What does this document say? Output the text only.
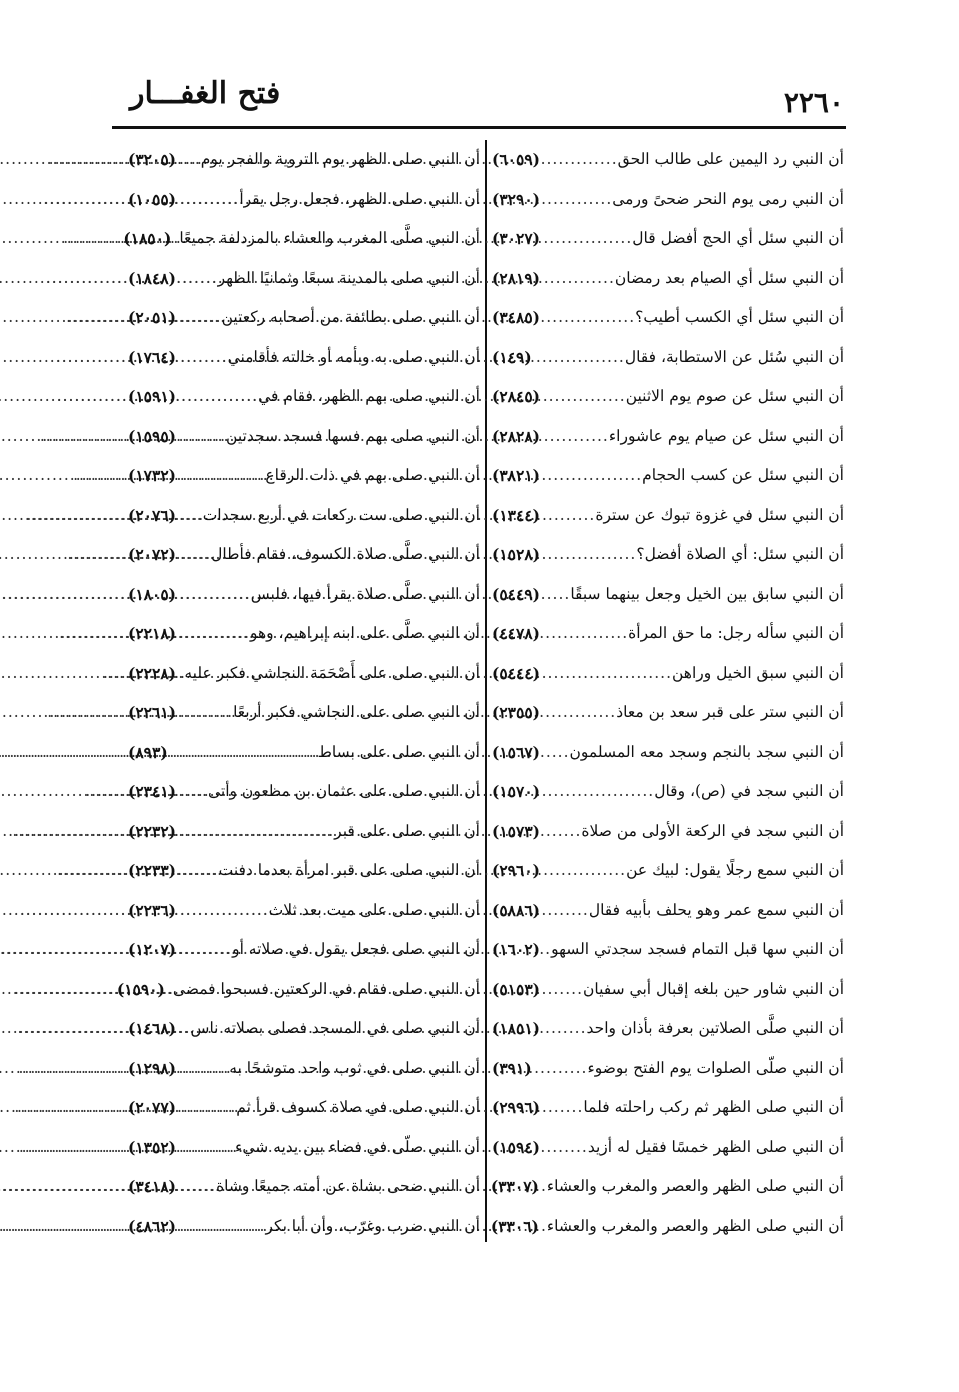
فتح الغفـــار	٢٢٦٠
أن النبي رد اليمين على طالب الحق
.....
(٦٠٥٩)
أن النبي رمى يوم النحر ضحىً ورمى
.....
(٣٢٩٠)
أن النبي سئل أي الحج أفضل قال
.....
(٣٠٢٧)
أن النبي سئل أي الصيام بعد رمضان
.....
(٢٨١٩)
أن النبي سئل أي الكسب أطيب؟
.....
(٣٤٨٥)
أن النبي سُئل عن الاستطابة، فقال
.....
(١٤٩)
أن النبي سئل عن صوم يوم الاثنين
.....
(٢٨٤٥)
أن النبي سئل عن صيام يوم عاشوراء
.....
(٢٨٢٨)
أن النبي سئل عن كسب الحجام
.....
(٣٨٢١)
أن النبي سئل في غزوة تبوك عن سترة
.....
(١٣٤٤)
أن النبي سئل: أي الصلاة أفضل؟
.....
(١٥٢٨)
أن النبي سابق بين الخيل وجعل بينهما سبقًا
.....
(٥٤٤٩)
أن النبي سأله رجل: ما حق المرأة
.....
(٤٤٧٨)
أن النبي سبق الخيل وراهن
.....
(٥٤٤٤)
أن النبي ستر على قبر سعد بن معاذ
.....
(٢٣٥٥)
أن النبي سجد بالنجم وسجد معه المسلمون
.....
(١٥٦٧)
أن النبي سجد في (ص)، وقال
.....
(١٥٧٠)
أن النبي سجد في الركعة الأولى من صلاة
.....
(١٥٧٣)
أن النبي سمع رجلًا يقول: لبيك عن
.....
(٢٩٦٠)
أن النبي سمع عمر وهو يحلف بأبيه فقال
.....
(٥٨٨٦)
أن النبي سها قبل التمام فسجد سجدتي السهو
.....
(١٦٠٢)
أن النبي شاور حين بلغه إقبال أبي سفيان
.....
(٥١٥٣)
أن النبي صلَّى الصلاتين بعرفة بأذان واحد
.....
(١٨٥١)
أن النبي صلّى الصلوات يوم الفتح بوضوء
.....
(٣٩١)
أن النبي صلى الظهر ثم ركب راحلته فلما
.....
(٢٩٩٦)
أن النبي صلى الظهر خمسًا فقيل له أزيد
.....
(١٥٩٤)
أن النبي صلى الظهر والعصر والمغرب والعشاء
.....
(٣٣٠٧)
أن النبي صلى الظهر والعصر والمغرب والعشاء
.....
(٣٣٠٦)
أن النبي صلى الظهر يوم التروية والفجر يوم
.....
(٣٢٠٥)
أن النبي صلى الظهر، فجعل رجل يقرأ
.....
(١٠٥٥)
أن النبي صلَّى المغرب والعشاء بالمزدلفة جميعًا
.....
(١٨٥٠)
أن النبي صلى بالمدينة سبعًا وثمانيًا الظهر
.....
(١٨٤٨)
أن النبي صلى بطائفة من أصحابه ركعتين
.....
(٢٠٥١)
أن النبي صلى به وبأمه أو خالته فأقامني
.....
(١٧٦٤)
أن النبي صلى بهم الظهر، فقام في
.....
(١٥٩١)
أن النبي صلى بهم فسها فسجد سجدتين
.....
(١٥٩٥)
أن النبي صلى بهم في ذات الرقاع
.....
(١٧٣٢)
أن النبي صلى ست ركعات في أربع سجدات
.....
(٢٠٧٦)
أن النبي صلَّى صلاة الكسوف، فقام فأطال
.....
(٢٠٧٢)
أن النبي صلَّى صلاة يقرأ فيها، فلبس
.....
(١٨٠٥)
أن النبي صلَّى على ابنه إبراهيم، وهو
.....
(٢٢١٨)
أن النبي صلى على أَصْحَمَة النجاشي فكبر عليه
.....
(٢٢٢٨)
أن النبي صلى على النجاشي فكبر أربعًا
.....
(٢٢٦١)
أن النبي صلى على بساط
.....
(٨٩٣)
أن النبي صلى على عثمان بن مظعون وأتى
.....
(٢٣٤١)
أن النبي صلى على قبر
.....
(٢٢٣٢)
أن النبي صلى على قبر امرأة بعدما دفنت
.....
(٢٢٣٣)
أن النبي صلى على ميت بعد ثلاث
.....
(٢٢٣٦)
أن النبي صلى فجعل يقول في صلاته أو
.....
(١٢٠٧)
أن النبي صلى فقام في الركعتين فسبحوا فمضى
.....
(١٥٩٠)
أن النبي صلى في المسجد فصلى بصلاته ناس
.....
(١٤٦٨)
أن النبي صلى في ثوب واحد متوشحًا به
.....
(١٢٩٨)
أن النبي صلى في صلاة كسوف قرأ ثم
.....
(٢٠٧٧)
أن النبي صلّى في فضاء بين يديه شيء
.....
(١٣٥٢)
أن النبي ضحى بشاة عن أمته جميعًا وشاة
.....
(٣٤١٨)
أن النبي ضرب وغرّب، وأن أبا بكر
.....
(٤٨٦٢)
